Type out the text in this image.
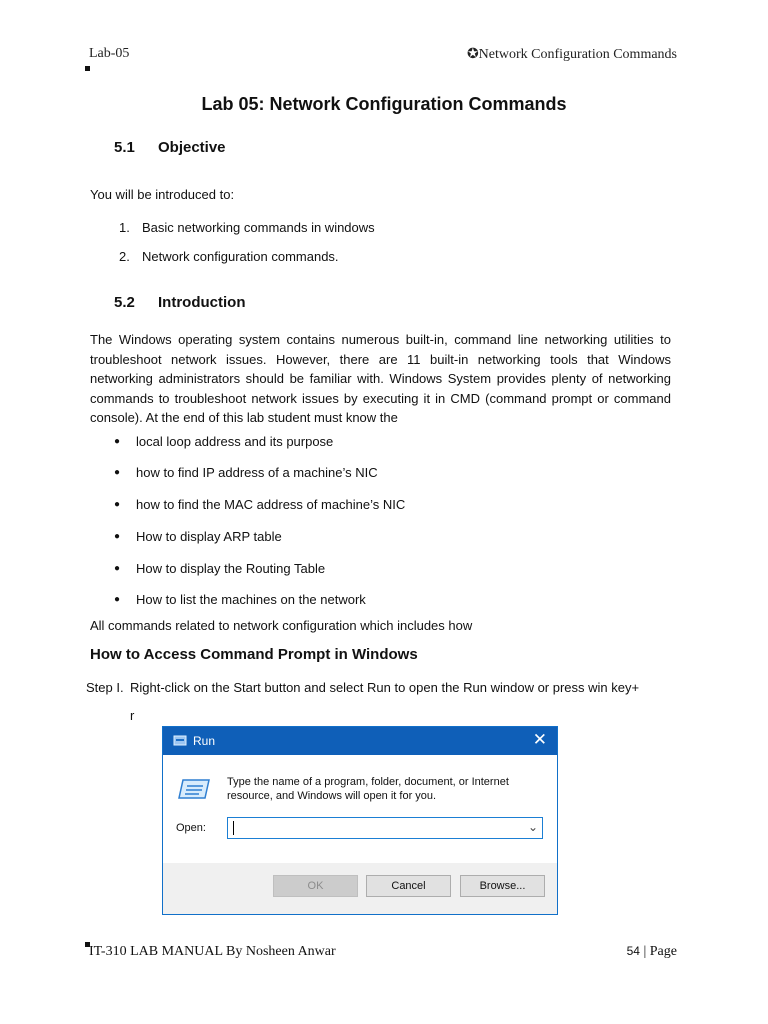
Lab-05	✪Network Configuration Commands
Lab 05: Network Configuration Commands
5.1 Objective
You will be introduced to:
1. Basic networking commands in windows
2. Network configuration commands.
5.2 Introduction
The Windows operating system contains numerous built-in, command line networking utilities to troubleshoot network issues. However, there are 11 built-in networking tools that Windows networking administrators should be familiar with. Windows System provides plenty of networking commands to troubleshoot network issues by executing it in CMD (command prompt or command console). At the end of this lab student must know the
● local loop address and its purpose
● how to find IP address of a machine’s NIC
● how to find the MAC address of machine’s NIC
● How to display ARP table
● How to display the Routing Table
● How to list the machines on the network
All commands related to network configuration which includes how
How to Access Command Prompt in Windows
Step I. Right-click on the Start button and select Run to open the Run window or press win key+
r
Run	✕
Type the name of a program, folder, document, or Internet resource, and Windows will open it for you.
Open:	⌄
OK	Cancel	Browse...
IT-310 LAB MANUAL By Nosheen Anwar	54 | Page
